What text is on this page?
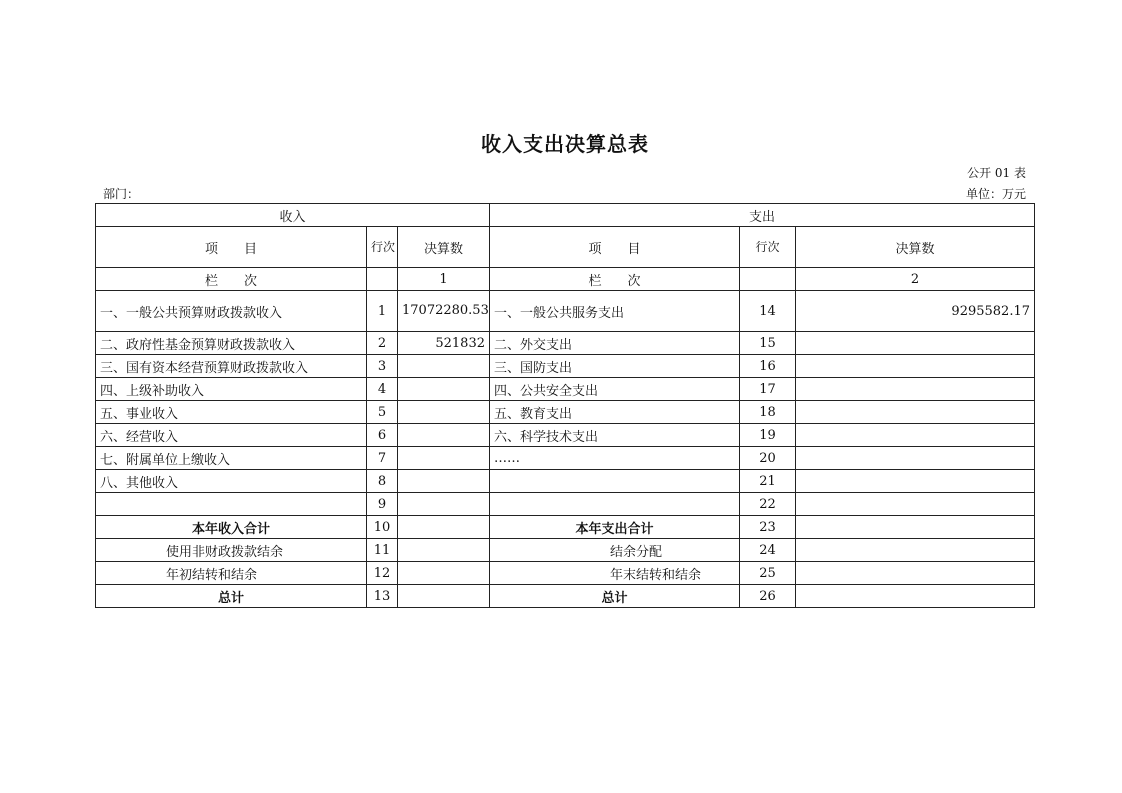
收入支出决算总表
公开 01 表
部门：	单位：万元
收入			支出		
项　　目	行次	决算数	项　　目	行次	决算数
栏　　次		1	栏　　次		2
一、一般公共预算财政拨款收入	1	17072280.53	一、一般公共服务支出	14	9295582.17
二、政府性基金预算财政拨款收入	2	521832	二、外交支出	15	
三、国有资本经营预算财政拨款收入	3		三、国防支出	16	
四、上级补助收入	4		四、公共安全支出	17	
五、事业收入	5		五、教育支出	18	
六、经营收入	6		六、科学技术支出	19	
七、附属单位上缴收入	7		……	20	
八、其他收入	8			21	
	9			22	
本年收入合计	10		本年支出合计	23	
使用非财政拨款结余	11		结余分配	24	
年初结转和结余	12		年末结转和结余	25	
总计	13		总计	26	
